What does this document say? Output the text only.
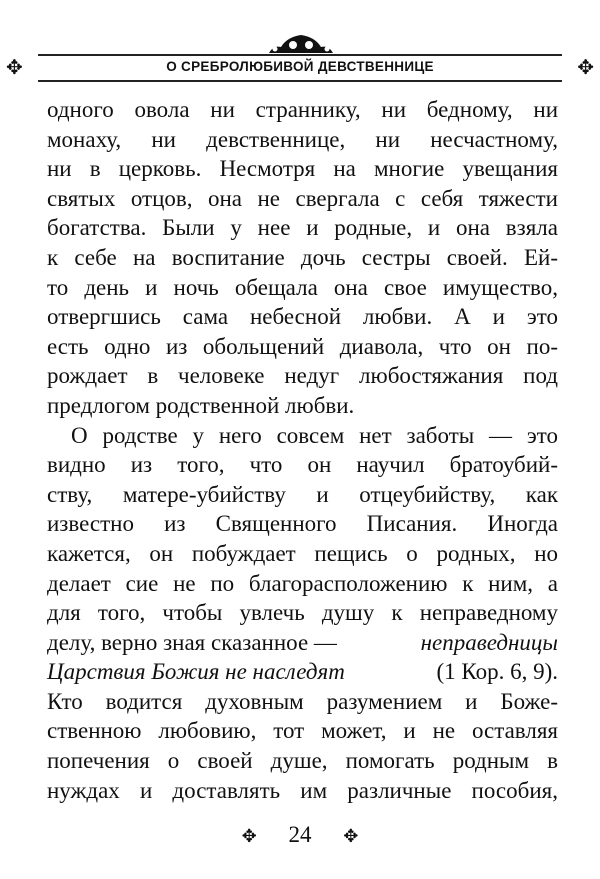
✥	✥
О СРЕБРОЛЮБИВОЙ ДЕВСТВЕННИЦЕ
одного овола ни страннику, ни бедному, ни
монаху, ни девственнице, ни несчастному,
ни в церковь. Несмотря на многие увещания
святых отцов, она не свергала с себя тяжести
богатства. Были у нее и родные, и она взяла
к себе на воспитание дочь сестры своей. Ей-
то день и ночь обещала она свое имущество,
отвергшись сама небесной любви. А и это
есть одно из обольщений диавола, что он по-
рождает в человеке недуг любостяжания под
предлогом родственной любви.
О родстве у него совсем нет заботы — это
видно из того, что он научил братоубий-
ству, матере-убийству и отцеубийству, как
известно из Священного Писания. Иногда
кажется, он побуждает пещись о родных, но
делает сие не по благорасположению к ним, а
для того, чтобы увлечь душу к неправедному
делу, верно зная сказанное —	неправедницы
Царствия Божия не наследят	(1 Кор. 6, 9).
Кто водится духовным разумением и Боже-
ственною любовию, тот может, и не оставляя
попечения о своей душе, помогать родным в
нуждах и доставлять им различные пособия,
✥ 24 ✥
